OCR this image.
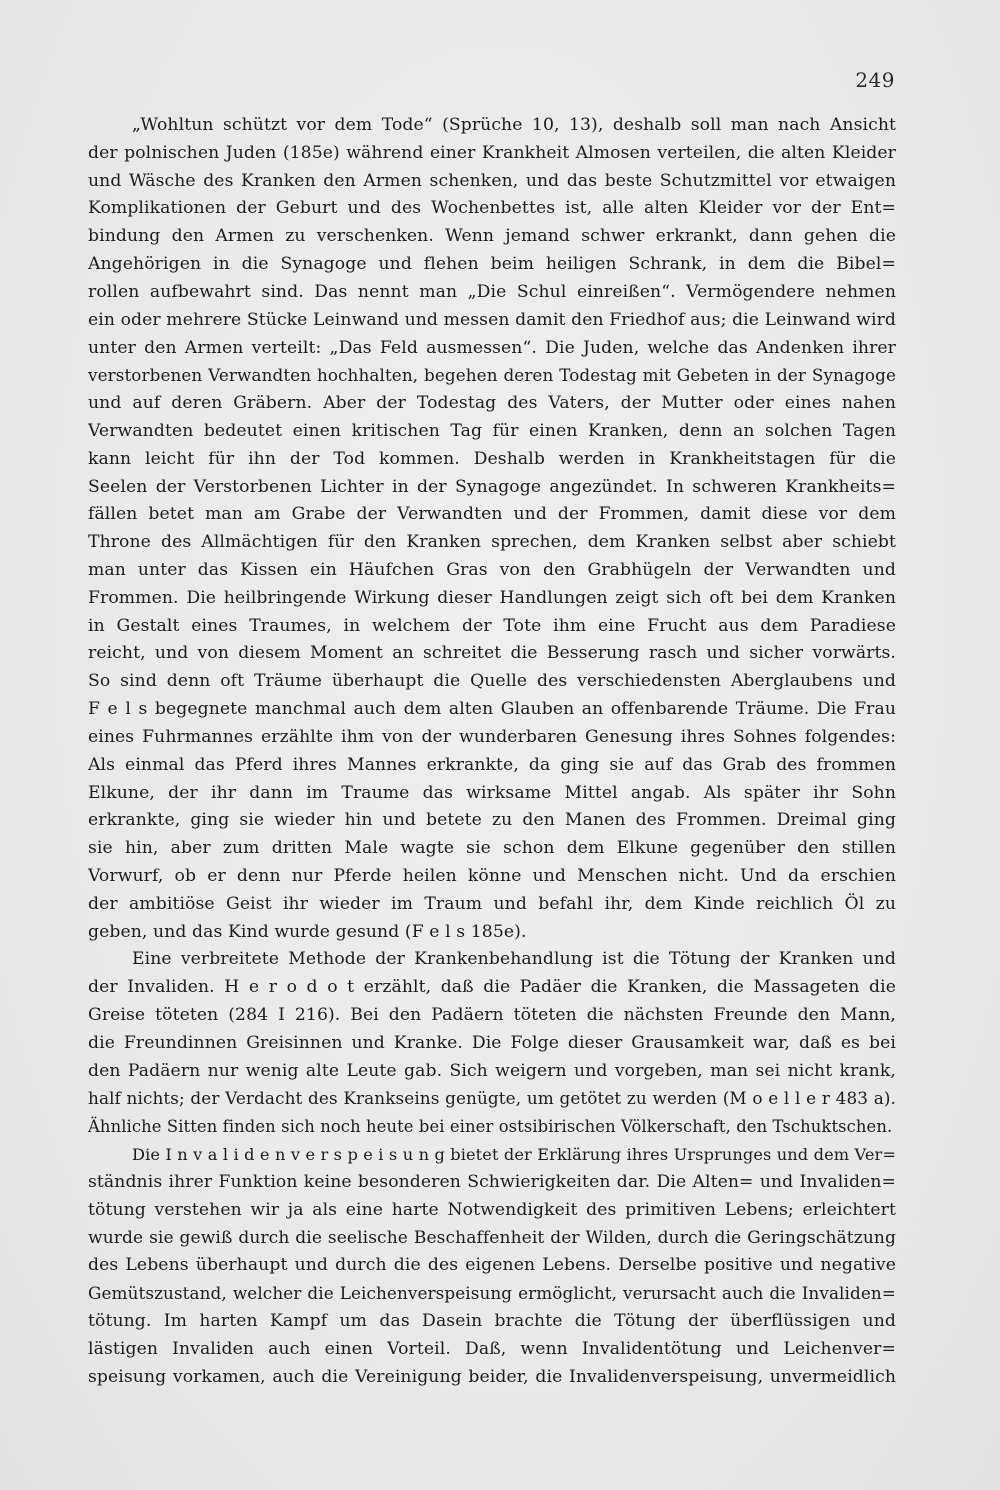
249
„Wohltun schützt vor dem Tode“ (Sprüche 10, 13), deshalb soll man nach Ansicht
der polnischen Juden (185e) während einer Krankheit Almosen verteilen, die alten Kleider
und Wäsche des Kranken den Armen schenken, und das beste Schutzmittel vor etwaigen
Komplikationen der Geburt und des Wochenbettes ist, alle alten Kleider vor der Ent=
bindung den Armen zu verschenken. Wenn jemand schwer erkrankt, dann gehen die
Angehörigen in die Synagoge und flehen beim heiligen Schrank, in dem die Bibel=
rollen aufbewahrt sind. Das nennt man „Die Schul einreißen“. Vermögendere nehmen
ein oder mehrere Stücke Leinwand und messen damit den Friedhof aus; die Leinwand wird
unter den Armen verteilt: „Das Feld ausmessen“. Die Juden, welche das Andenken ihrer
verstorbenen Verwandten hochhalten, begehen deren Todestag mit Gebeten in der Synagoge
und auf deren Gräbern. Aber der Todestag des Vaters, der Mutter oder eines nahen
Verwandten bedeutet einen kritischen Tag für einen Kranken, denn an solchen Tagen
kann leicht für ihn der Tod kommen. Deshalb werden in Krankheitstagen für die
Seelen der Verstorbenen Lichter in der Synagoge angezündet. In schweren Krankheits=
fällen betet man am Grabe der Verwandten und der Frommen, damit diese vor dem
Throne des Allmächtigen für den Kranken sprechen, dem Kranken selbst aber schiebt
man unter das Kissen ein Häufchen Gras von den Grabhügeln der Verwandten und
Frommen. Die heilbringende Wirkung dieser Handlungen zeigt sich oft bei dem Kranken
in Gestalt eines Traumes, in welchem der Tote ihm eine Frucht aus dem Paradiese
reicht, und von diesem Moment an schreitet die Besserung rasch und sicher vorwärts.
So sind denn oft Träume überhaupt die Quelle des verschiedensten Aberglaubens und
F e l s begegnete manchmal auch dem alten Glauben an offenbarende Träume. Die Frau
eines Fuhrmannes erzählte ihm von der wunderbaren Genesung ihres Sohnes folgendes:
Als einmal das Pferd ihres Mannes erkrankte, da ging sie auf das Grab des frommen
Elkune, der ihr dann im Traume das wirksame Mittel angab. Als später ihr Sohn
erkrankte, ging sie wieder hin und betete zu den Manen des Frommen. Dreimal ging
sie hin, aber zum dritten Male wagte sie schon dem Elkune gegenüber den stillen
Vorwurf, ob er denn nur Pferde heilen könne und Menschen nicht. Und da erschien
der ambitiöse Geist ihr wieder im Traum und befahl ihr, dem Kinde reichlich Öl zu
geben, und das Kind wurde gesund (F e l s 185e).
Eine verbreitete Methode der Krankenbehandlung ist die Tötung der Kranken und
der Invaliden. H e r o d o t erzählt, daß die Padäer die Kranken, die Massageten die
Greise töteten (284 I 216). Bei den Padäern töteten die nächsten Freunde den Mann,
die Freundinnen Greisinnen und Kranke. Die Folge dieser Grausamkeit war, daß es bei
den Padäern nur wenig alte Leute gab. Sich weigern und vorgeben, man sei nicht krank,
half nichts; der Verdacht des Krankseins genügte, um getötet zu werden (M o e l l e r 483 a).
Ähnliche Sitten finden sich noch heute bei einer ostsibirischen Völkerschaft, den Tschuktschen.
Die I n v a l i d e n v e r s p e i s u n g bietet der Erklärung ihres Ursprunges und dem Ver=
ständnis ihrer Funktion keine besonderen Schwierigkeiten dar. Die Alten= und Invaliden=
tötung verstehen wir ja als eine harte Notwendigkeit des primitiven Lebens; erleichtert
wurde sie gewiß durch die seelische Beschaffenheit der Wilden, durch die Geringschätzung
des Lebens überhaupt und durch die des eigenen Lebens. Derselbe positive und negative
Gemütszustand, welcher die Leichenverspeisung ermöglicht, verursacht auch die Invaliden=
tötung. Im harten Kampf um das Dasein brachte die Tötung der überflüssigen und
lästigen Invaliden auch einen Vorteil. Daß, wenn Invalidentötung und Leichenver=
speisung vorkamen, auch die Vereinigung beider, die Invalidenverspeisung, unvermeidlich
